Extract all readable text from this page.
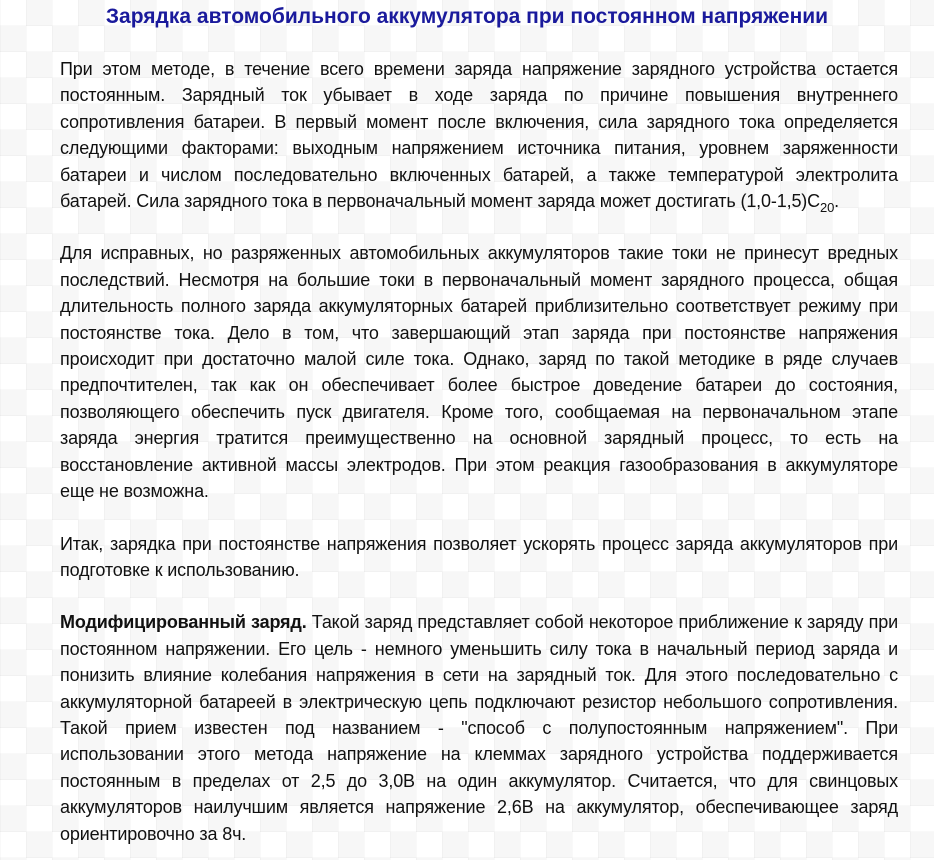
Зарядка автомобильного аккумулятора при постоянном напряжении

При этом методе, в течение всего времени заряда напряжение зарядного устройства остается постоянным. Зарядный ток убывает в ходе заряда по причине повышения внутреннего сопротивления батареи. В первый момент после включения, сила зарядного тока определяется следующими факторами: выходным напряжением источника питания, уровнем заряженности батареи и числом последовательно включенных батарей, а также температурой электролита батарей. Сила зарядного тока в первоначальный момент заряда может достигать $(1,0-1,5)С_{20}$.

Для исправных, но разряженных автомобильных аккумуляторов такие токи не принесут вредных последствий. Несмотря на большие токи в первоначальный момент зарядного процесса, общая длительность полного заряда аккумуляторных батарей приблизительно соответствует режиму при постоянстве тока. Дело в том, что завершающий этап заряда при постоянстве напряжения происходит при достаточно малой силе тока. Однако, заряд по такой методике в ряде случаев предпочтителен, так как он обеспечивает более быстрое доведение батареи до состояния, позволяющего обеспечить пуск двигателя. Кроме того, сообщаемая на первоначальном этапе заряда энергия тратится преимущественно на основной зарядный процесс, то есть на восстановление активной массы электродов. При этом реакция газообразования в аккумуляторе еще не возможна.

Итак, зарядка при постоянстве напряжения позволяет ускорять процесс заряда аккумуляторов при подготовке к использованию.

Модифицированный заряд. Такой заряд представляет собой некоторое приближение к заряду при постоянном напряжении. Его цель - немного уменьшить силу тока в начальный период заряда и понизить влияние колебания напряжения в сети на зарядный ток. Для этого последовательно с аккумуляторной батареей в электрическую цепь подключают резистор небольшого сопротивления. Такой прием известен под названием - "способ с полупостоянным напряжением". При использовании этого метода напряжение на клеммах зарядного устройства поддерживается постоянным в пределах от 2,5 до 3,0В на один аккумулятор. Считается, что для свинцовых аккумуляторов наилучшим является напряжение 2,6В на аккумулятор, обеспечивающее заряд ориентировочно за 8ч.
